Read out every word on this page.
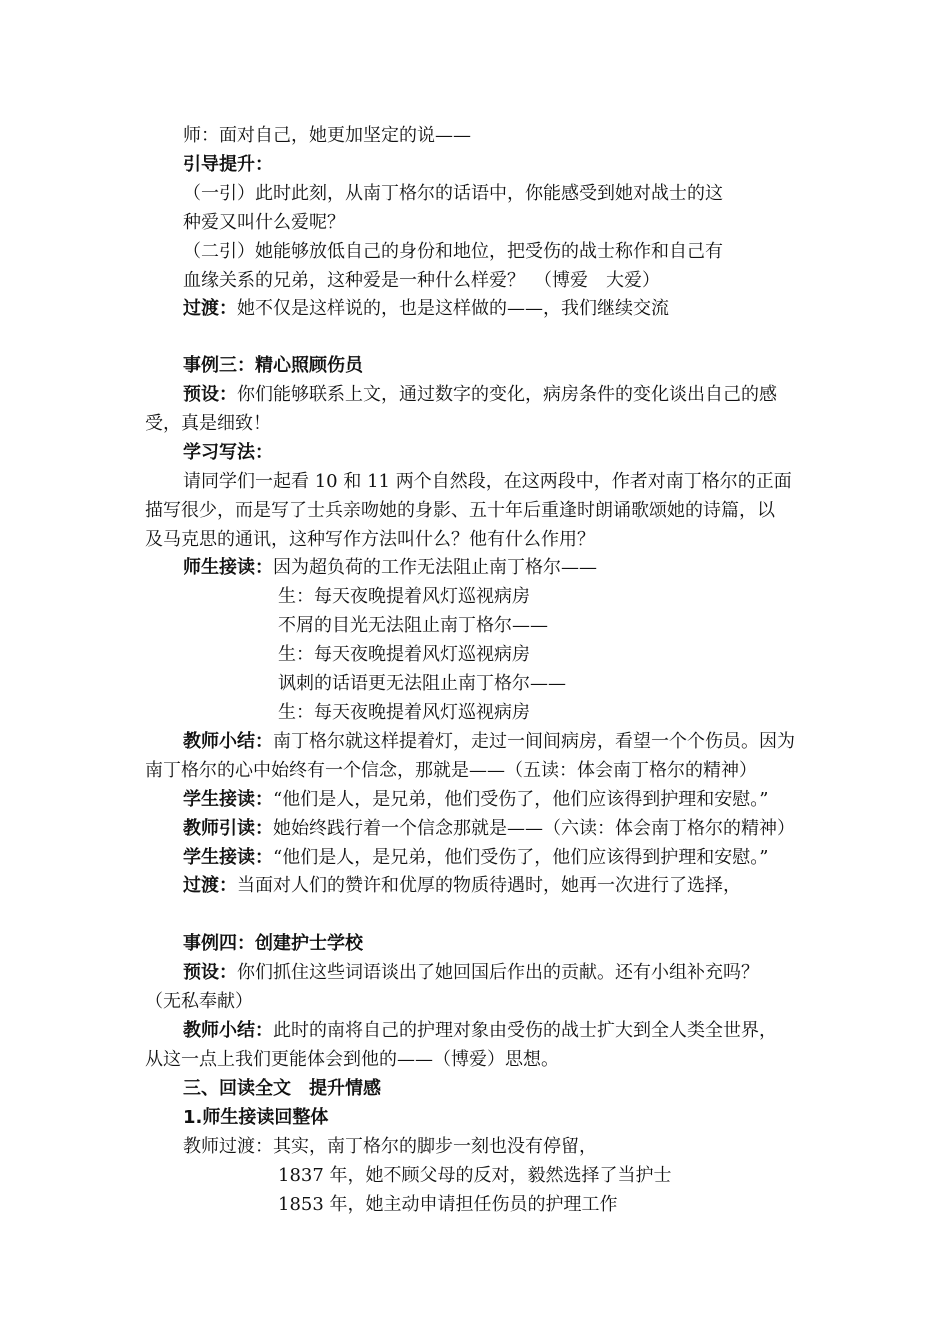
师：面对自己，她更加坚定的说——
引导提升：
（一引）此时此刻，从南丁格尔的话语中，你能感受到她对战士的这
种爱又叫什么爱呢？
（二引）她能够放低自己的身份和地位，把受伤的战士称作和自己有
血缘关系的兄弟，这种爱是一种什么样爱？　（博爱　大爱）
过渡：她不仅是这样说的，也是这样做的——，我们继续交流
事例三：精心照顾伤员
预设：你们能够联系上文，通过数字的变化，病房条件的变化谈出自己的感
受，真是细致！
学习写法：
请同学们一起看 10 和 11 两个自然段，在这两段中，作者对南丁格尔的正面
描写很少，而是写了士兵亲吻她的身影、五十年后重逢时朗诵歌颂她的诗篇，以
及马克思的通讯，这种写作方法叫什么？他有什么作用？
师生接读：因为超负荷的工作无法阻止南丁格尔——
生：每天夜晚提着风灯巡视病房
不屑的目光无法阻止南丁格尔——
生：每天夜晚提着风灯巡视病房
讽刺的话语更无法阻止南丁格尔——
生：每天夜晚提着风灯巡视病房
教师小结：南丁格尔就这样提着灯，走过一间间病房，看望一个个伤员。因为
南丁格尔的心中始终有一个信念，那就是——（五读：体会南丁格尔的精神）
学生接读：“他们是人，是兄弟，他们受伤了，他们应该得到护理和安慰。”
教师引读：她始终践行着一个信念那就是——（六读：体会南丁格尔的精神）
学生接读：“他们是人，是兄弟，他们受伤了，他们应该得到护理和安慰。”
过渡：当面对人们的赞许和优厚的物质待遇时，她再一次进行了选择，
事例四：创建护士学校
预设：你们抓住这些词语谈出了她回国后作出的贡献。还有小组补充吗？
（无私奉献）
教师小结：此时的南将自己的护理对象由受伤的战士扩大到全人类全世界，
从这一点上我们更能体会到他的——（博爱）思想。
三、回读全文　提升情感
1.师生接读回整体
教师过渡：其实，南丁格尔的脚步一刻也没有停留，
1837 年，她不顾父母的反对，毅然选择了当护士
1853 年，她主动申请担任伤员的护理工作
